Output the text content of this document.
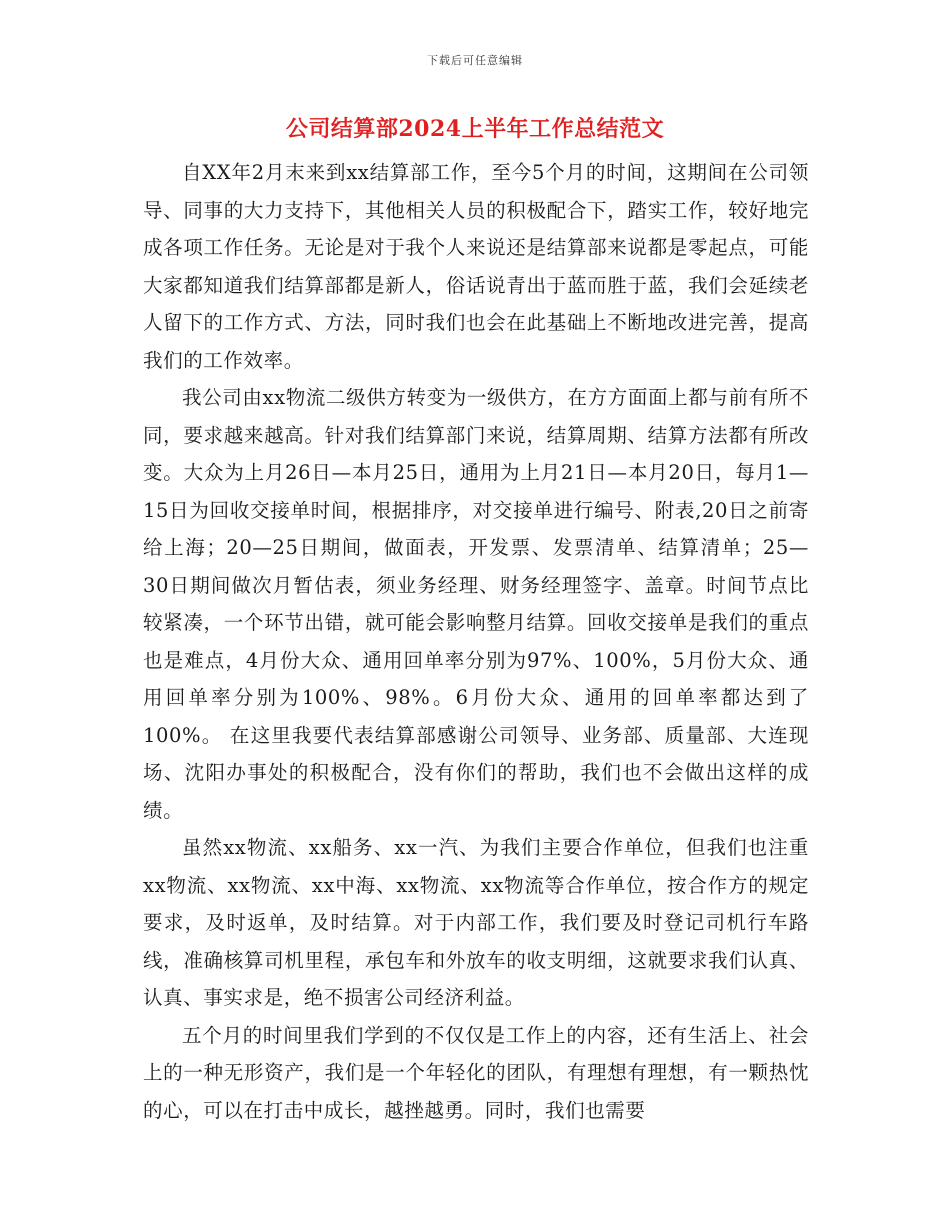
下载后可任意编辑
公司结算部2024上半年工作总结范文

自XX年2月末来到xx结算部工作，至今5个月的时间，这期间在公司领导、同事的大力支持下，其他相关人员的积极配合下，踏实工作，较好地完成各项工作任务。无论是对于我个人来说还是结算部来说都是零起点，可能大家都知道我们结算部都是新人，俗话说青出于蓝而胜于蓝，我们会延续老人留下的工作方式、方法，同时我们也会在此基础上不断地改进完善，提高我们的工作效率。

我公司由xx物流二级供方转变为一级供方，在方方面面上都与前有所不同，要求越来越高。针对我们结算部门来说，结算周期、结算方法都有所改变。大众为上月26日—本月25日，通用为上月21日—本月20日，每月1—15日为回收交接单时间，根据排序，对交接单进行编号、附表,20日之前寄给上海；20—25日期间，做面表，开发票、发票清单、结算清单；25—30日期间做次月暂估表，须业务经理、财务经理签字、盖章。时间节点比较紧凑，一个环节出错，就可能会影响整月结算。回收交接单是我们的重点也是难点，4月份大众、通用回单率分别为97%、100%，5月份大众、通用回单率分别为100%、98%。6月份大众、通用的回单率都达到了100%。 在这里我要代表结算部感谢公司领导、业务部、质量部、大连现场、沈阳办事处的积极配合，没有你们的帮助，我们也不会做出这样的成绩。

虽然xx物流、xx船务、xx一汽、为我们主要合作单位，但我们也注重xx物流、xx物流、xx中海、xx物流、xx物流等合作单位，按合作方的规定要求，及时返单，及时结算。对于内部工作，我们要及时登记司机行车路线，准确核算司机里程，承包车和外放车的收支明细，这就要求我们认真、认真、事实求是，绝不损害公司经济利益。

五个月的时间里我们学到的不仅仅是工作上的内容，还有生活上、社会上的一种无形资产，我们是一个年轻化的团队，有理想有理想，有一颗热忱的心，可以在打击中成长，越挫越勇。同时，我们也需要
